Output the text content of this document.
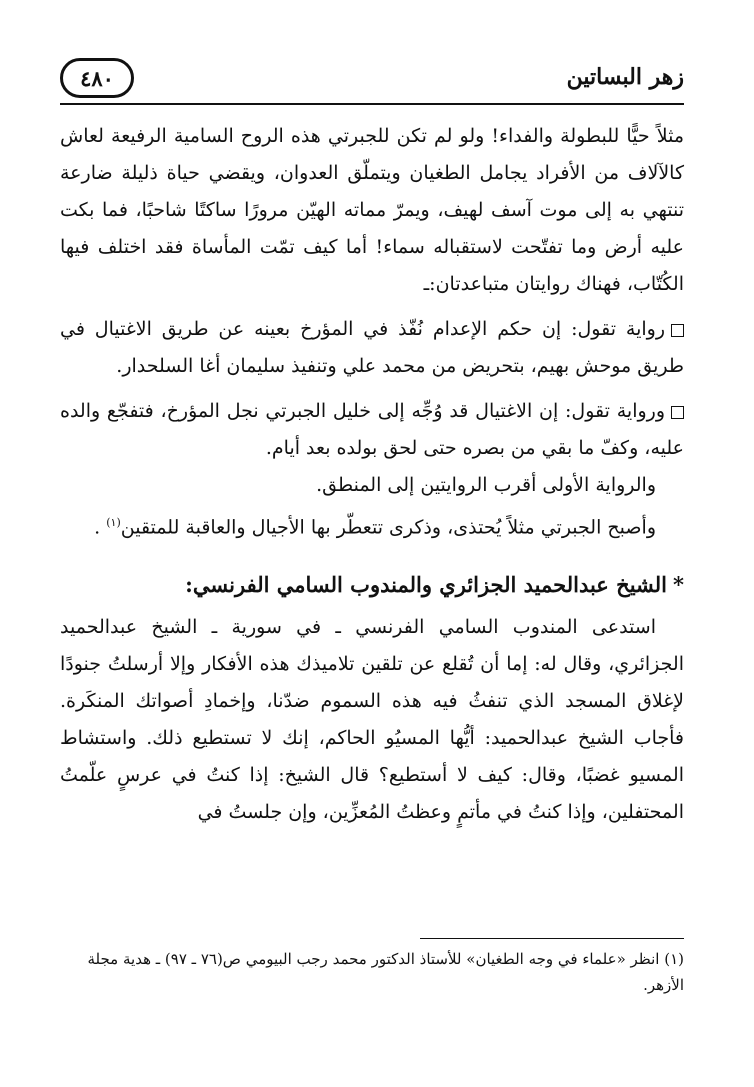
زهر البساتين
٤٨٠

مثلاً حيًّا للبطولة والفداء! ولو لم تكن للجبرتي هذه الروح السامية الرفيعة لعاش كالآلاف من الأفراد يجامل الطغيان ويتملّق العدوان، ويقضي حياة ذليلة ضارعة تنتهي به إلى موت آسف لهيف، ويمرّ مماته الهيّن مرورًا ساكتًا شاحبًا، فما بكت عليه أرض وما تفتّحت لاستقباله سماء! أما كيف تمّت المأساة فقد اختلف فيها الكُتّاب، فهناك روايتان متباعدتان:ـ

رواية تقول: إن حكم الإعدام نُفّذ في المؤرخ بعينه عن طريق الاغتيال في طريق موحش بهيم، بتحريض من محمد علي وتنفيذ سليمان أغا السلحدار.

ورواية تقول: إن الاغتيال قد وُجِّه إلى خليل الجبرتي نجل المؤرخ، فتفجّع والده عليه، وكفّ ما بقي من بصره حتى لحق بولده بعد أيام.

والرواية الأولى أقرب الروايتين إلى المنطق.

وأصبح الجبرتي مثلاً يُحتذى، وذكرى تتعطّر بها الأجيال والعاقبة للمتقين$^{(١)}$ .

*الشيخ عبدالحميد الجزائري والمندوب السامي الفرنسي:

استدعى المندوب السامي الفرنسي ـ في سورية ـ الشيخ عبدالحميد الجزائري، وقال له: إما أن تُقلع عن تلقين تلاميذك هذه الأفكار وإلا أرسلتُ جنودًا لإغلاق المسجد الذي تنفثُ فيه هذه السموم ضدّنا، وإخمادِ أصواتك المنكَرة. فأجاب الشيخ عبدالحميد: أيُّها المسيُو الحاكم، إنك لا تستطيع ذلك. واستشاط المسيو غضبًا، وقال: كيف لا أستطيع؟ قال الشيخ: إذا كنتُ في عرسٍ علّمتُ المحتفلين، وإذا كنتُ في مأتمٍ وعظتُ المُعزِّين، وإن جلستُ في

(١) انظر «علماء في وجه الطغيان» للأستاذ الدكتور محمد رجب البيومي ص(٧٦ ـ ٩٧) ـ هدية مجلة الأزهر.
